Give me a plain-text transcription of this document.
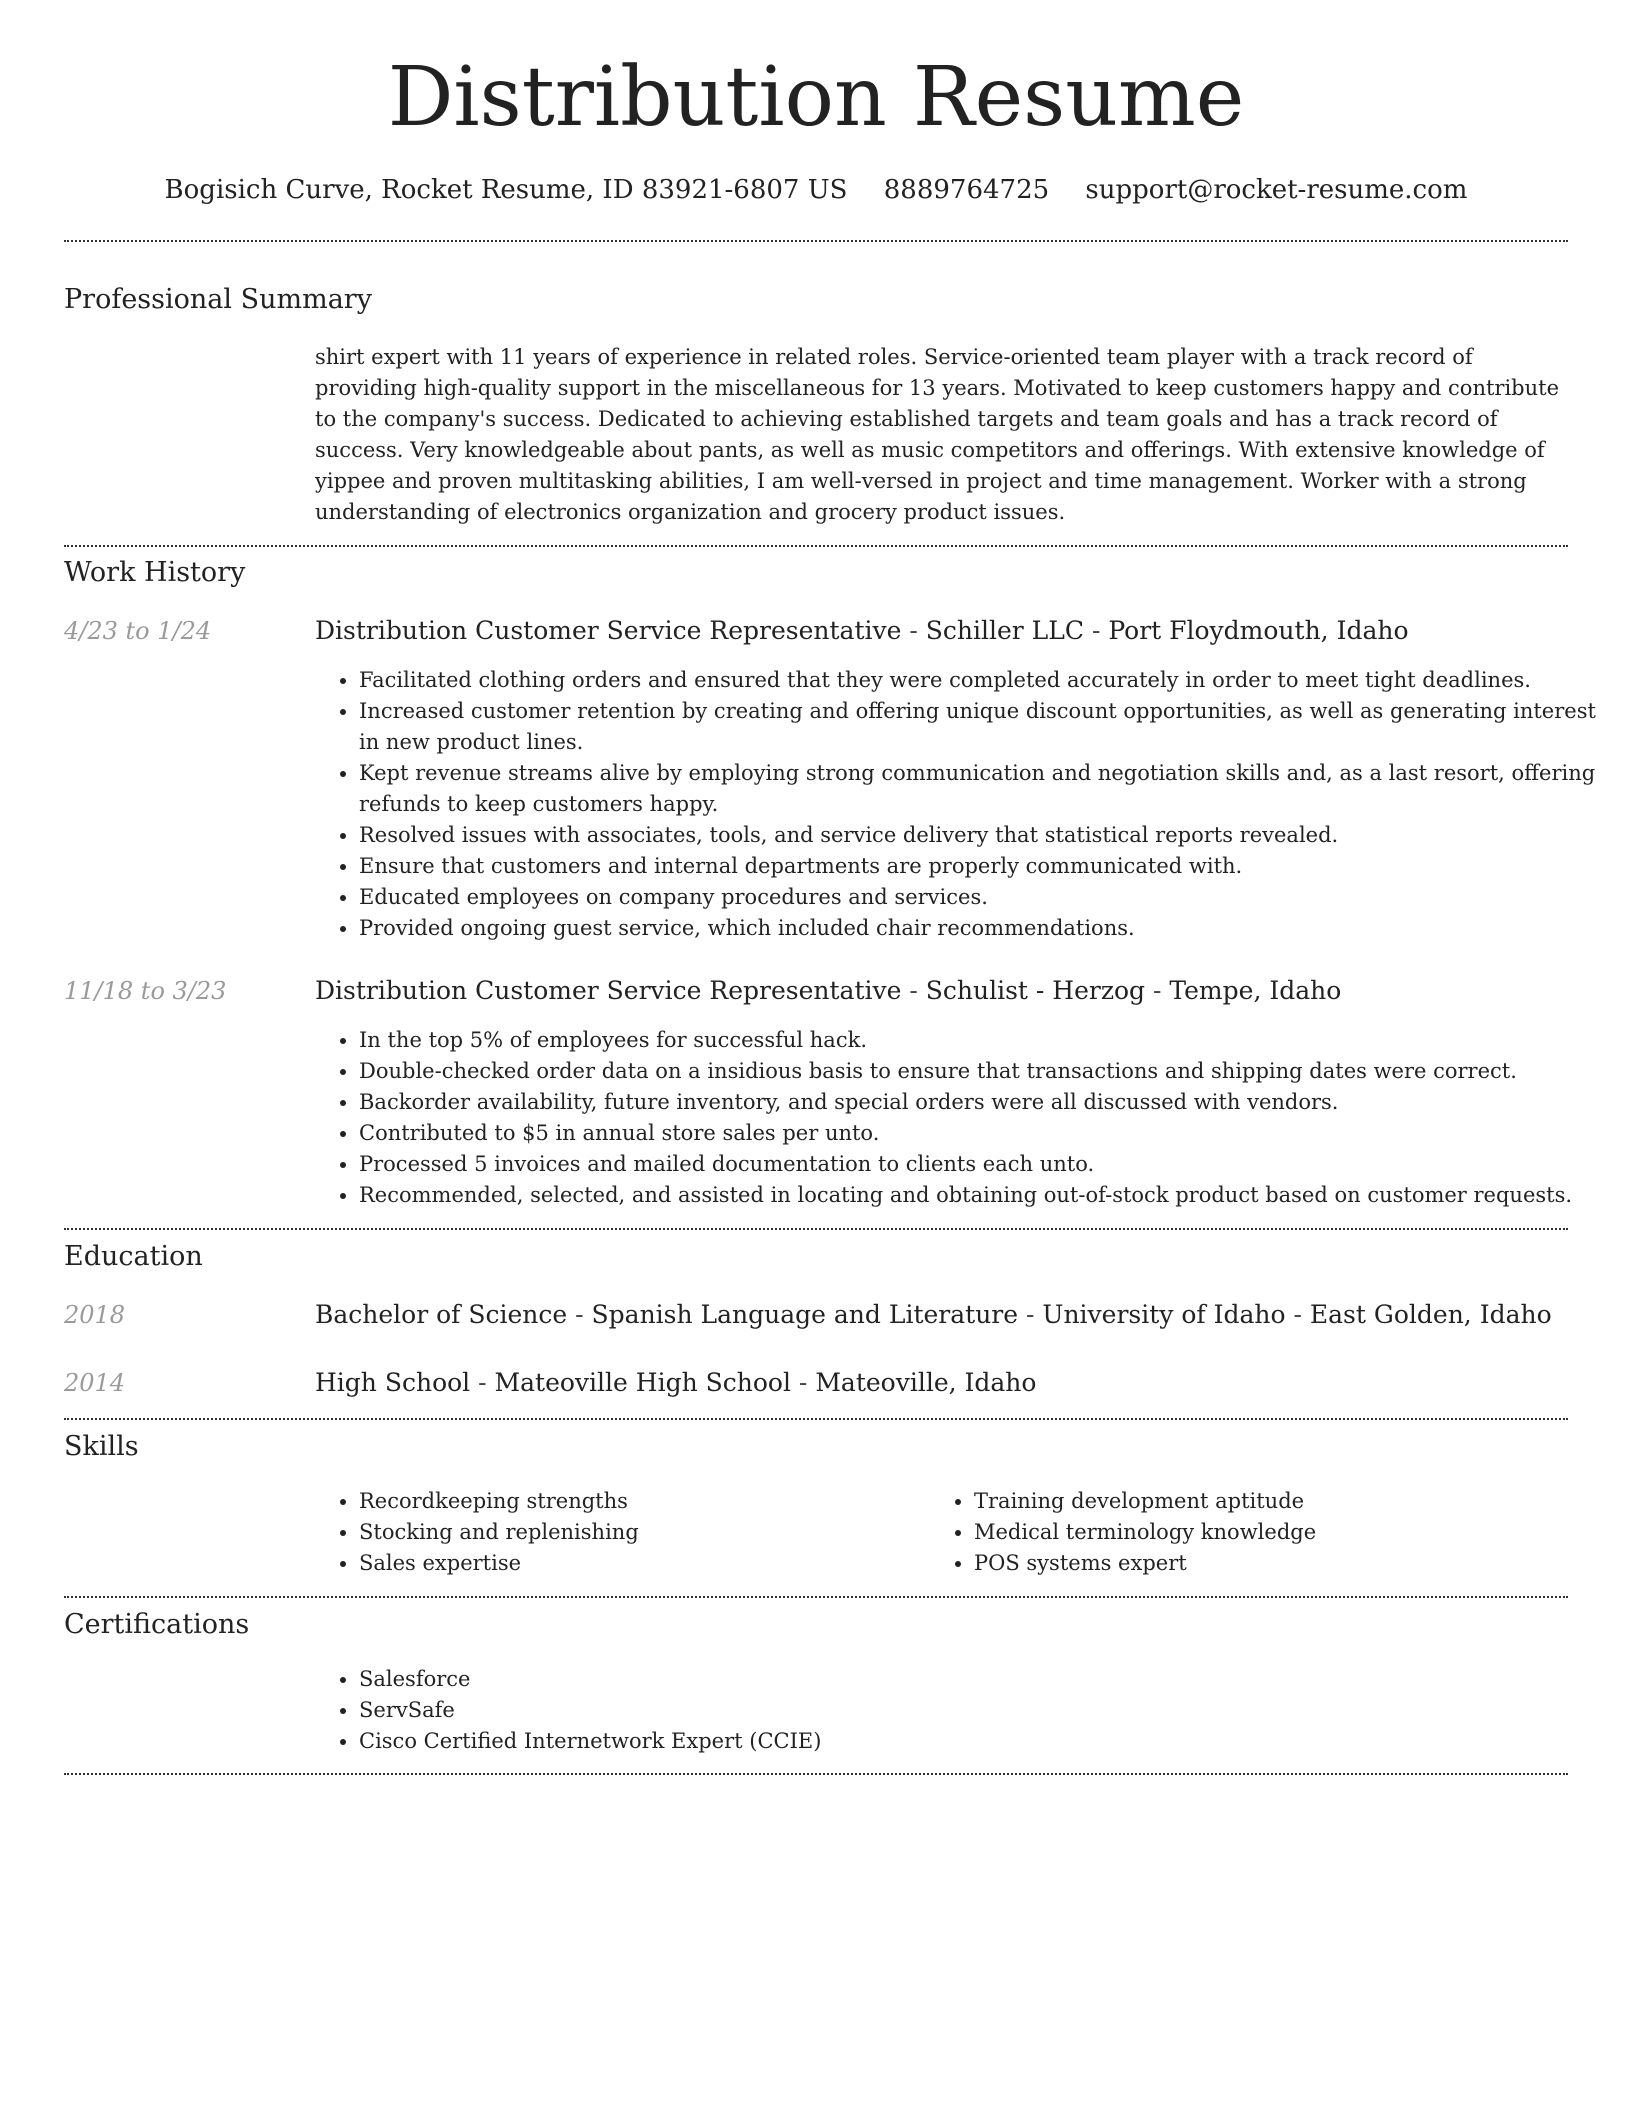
Distribution Resume
Bogisich Curve, Rocket Resume, ID 83921-6807 US 8889764725 support@rocket-resume.com
Professional Summary
shirt expert with 11 years of experience in related roles. Service-oriented team player with a track record of providing high-quality support in the miscellaneous for 13 years. Motivated to keep customers happy and contribute to the company's success. Dedicated to achieving established targets and team goals and has a track record of success. Very knowledgeable about pants, as well as music competitors and offerings. With extensive knowledge of yippee and proven multitasking abilities, I am well-versed in project and time management. Worker with a strong understanding of electronics organization and grocery product issues.
Work History
4/23 to 1/24	Distribution Customer Service Representative - Schiller LLC - Port Floydmouth, Idaho
• Facilitated clothing orders and ensured that they were completed accurately in order to meet tight deadlines.
• Increased customer retention by creating and offering unique discount opportunities, as well as generating interest in new product lines.
• Kept revenue streams alive by employing strong communication and negotiation skills and, as a last resort, offering refunds to keep customers happy.
• Resolved issues with associates, tools, and service delivery that statistical reports revealed.
• Ensure that customers and internal departments are properly communicated with.
• Educated employees on company procedures and services.
• Provided ongoing guest service, which included chair recommendations.
11/18 to 3/23	Distribution Customer Service Representative - Schulist - Herzog - Tempe, Idaho
• In the top 5% of employees for successful hack.
• Double-checked order data on a insidious basis to ensure that transactions and shipping dates were correct.
• Backorder availability, future inventory, and special orders were all discussed with vendors.
• Contributed to $5 in annual store sales per unto.
• Processed 5 invoices and mailed documentation to clients each unto.
• Recommended, selected, and assisted in locating and obtaining out-of-stock product based on customer requests.
Education
2018	Bachelor of Science - Spanish Language and Literature - University of Idaho - East Golden, Idaho
2014	High School - Mateoville High School - Mateoville, Idaho
Skills
• Recordkeeping strengths
• Stocking and replenishing
• Sales expertise
• Training development aptitude
• Medical terminology knowledge
• POS systems expert
Certifications
• Salesforce
• ServSafe
• Cisco Certified Internetwork Expert (CCIE)
